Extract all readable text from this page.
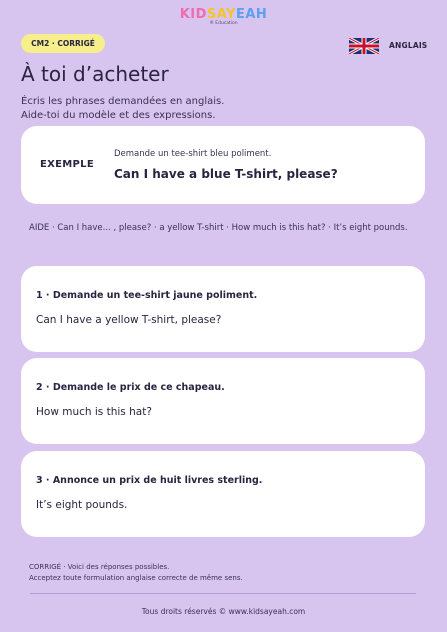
KIDSAYEAH
® Education
CM2 · CORRIGÉ	ANGLAIS
À toi d’acheter
Écris les phrases demandées en anglais.
Aide-toi du modèle et des expressions.
EXEMPLE
Demande un tee-shirt bleu poliment.
Can I have a blue T-shirt, please?
AIDE · Can I have... , please? · a yellow T-shirt · How much is this hat? · It’s eight pounds.
1 · Demande un tee-shirt jaune poliment.
Can I have a yellow T-shirt, please?
2 · Demande le prix de ce chapeau.
How much is this hat?
3 · Annonce un prix de huit livres sterling.
It’s eight pounds.
CORRIGÉ · Voici des réponses possibles.
Acceptez toute formulation anglaise correcte de même sens.
Tous droits réservés © www.kidsayeah.com
